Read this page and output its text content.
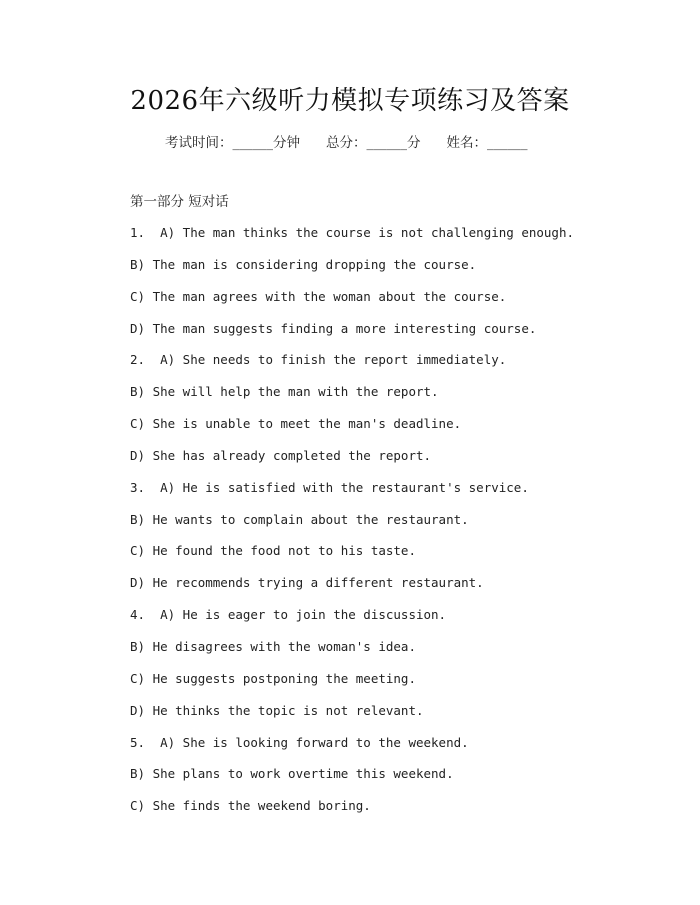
2026年六级听力模拟专项练习及答案
考试时间：______分钟 总分：______分 姓名：______
第一部分 短对话
1.  A) The man thinks the course is not challenging enough.
B) The man is considering dropping the course.
C) The man agrees with the woman about the course.
D) The man suggests finding a more interesting course.
2.  A) She needs to finish the report immediately.
B) She will help the man with the report.
C) She is unable to meet the man's deadline.
D) She has already completed the report.
3.  A) He is satisfied with the restaurant's service.
B) He wants to complain about the restaurant.
C) He found the food not to his taste.
D) He recommends trying a different restaurant.
4.  A) He is eager to join the discussion.
B) He disagrees with the woman's idea.
C) He suggests postponing the meeting.
D) He thinks the topic is not relevant.
5.  A) She is looking forward to the weekend.
B) She plans to work overtime this weekend.
C) She finds the weekend boring.
